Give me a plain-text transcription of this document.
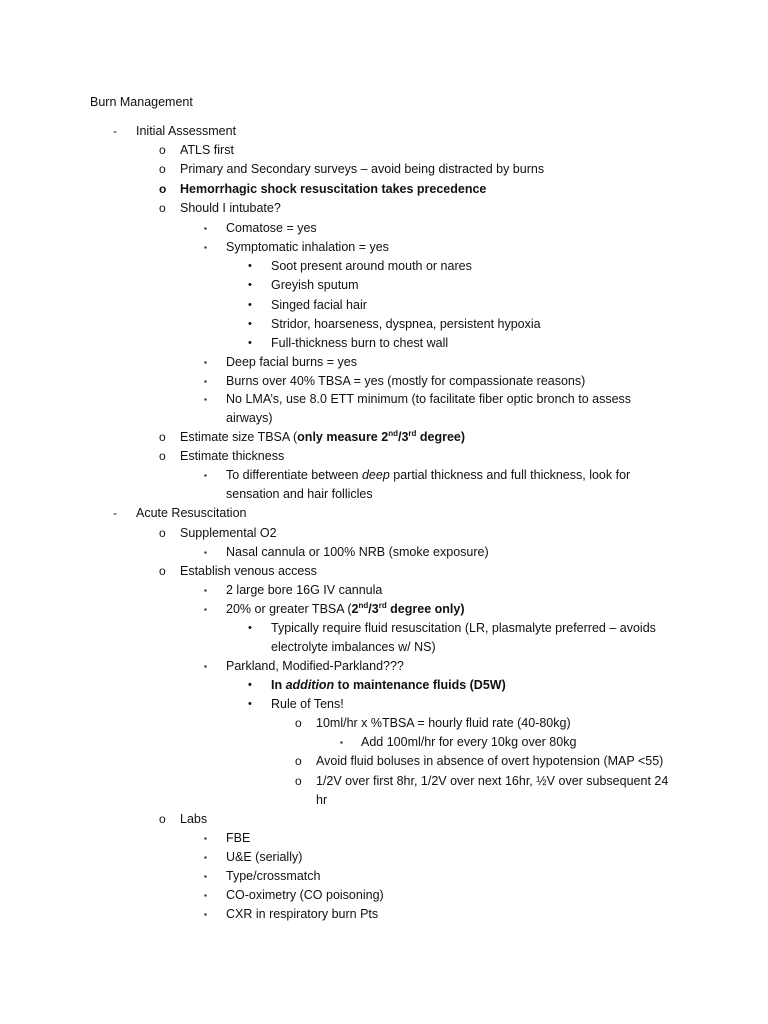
Burn Management
- Initial Assessment
o ATLS first
o Primary and Secondary surveys – avoid being distracted by burns
o Hemorrhagic shock resuscitation takes precedence
o Should I intubate?
▪ Comatose = yes
▪ Symptomatic inhalation = yes
• Soot present around mouth or nares
• Greyish sputum
• Singed facial hair
• Stridor, hoarseness, dyspnea, persistent hypoxia
• Full-thickness burn to chest wall
▪ Deep facial burns = yes
▪ Burns over 40% TBSA = yes (mostly for compassionate reasons)
▪ No LMA’s, use 8.0 ETT minimum (to facilitate fiber optic bronch to assess
airways)
o Estimate size TBSA (only measure 2nd/3rd degree)
o Estimate thickness
▪ To differentiate between deep partial thickness and full thickness, look for
sensation and hair follicles
- Acute Resuscitation
o Supplemental O2
▪ Nasal cannula or 100% NRB (smoke exposure)
o Establish venous access
▪ 2 large bore 16G IV cannula
▪ 20% or greater TBSA (2nd/3rd degree only)
• Typically require fluid resuscitation (LR, plasmalyte preferred – avoids
electrolyte imbalances w/ NS)
▪ Parkland, Modified-Parkland???
• In addition to maintenance fluids (D5W)
• Rule of Tens!
o 10ml/hr x %TBSA = hourly fluid rate (40-80kg)
▪ Add 100ml/hr for every 10kg over 80kg
o Avoid fluid boluses in absence of overt hypotension (MAP <55)
o 1/2V over first 8hr, 1/2V over next 16hr, ½V over subsequent 24
hr
o Labs
▪ FBE
▪ U&E (serially)
▪ Type/crossmatch
▪ CO-oximetry (CO poisoning)
▪ CXR in respiratory burn Pts
